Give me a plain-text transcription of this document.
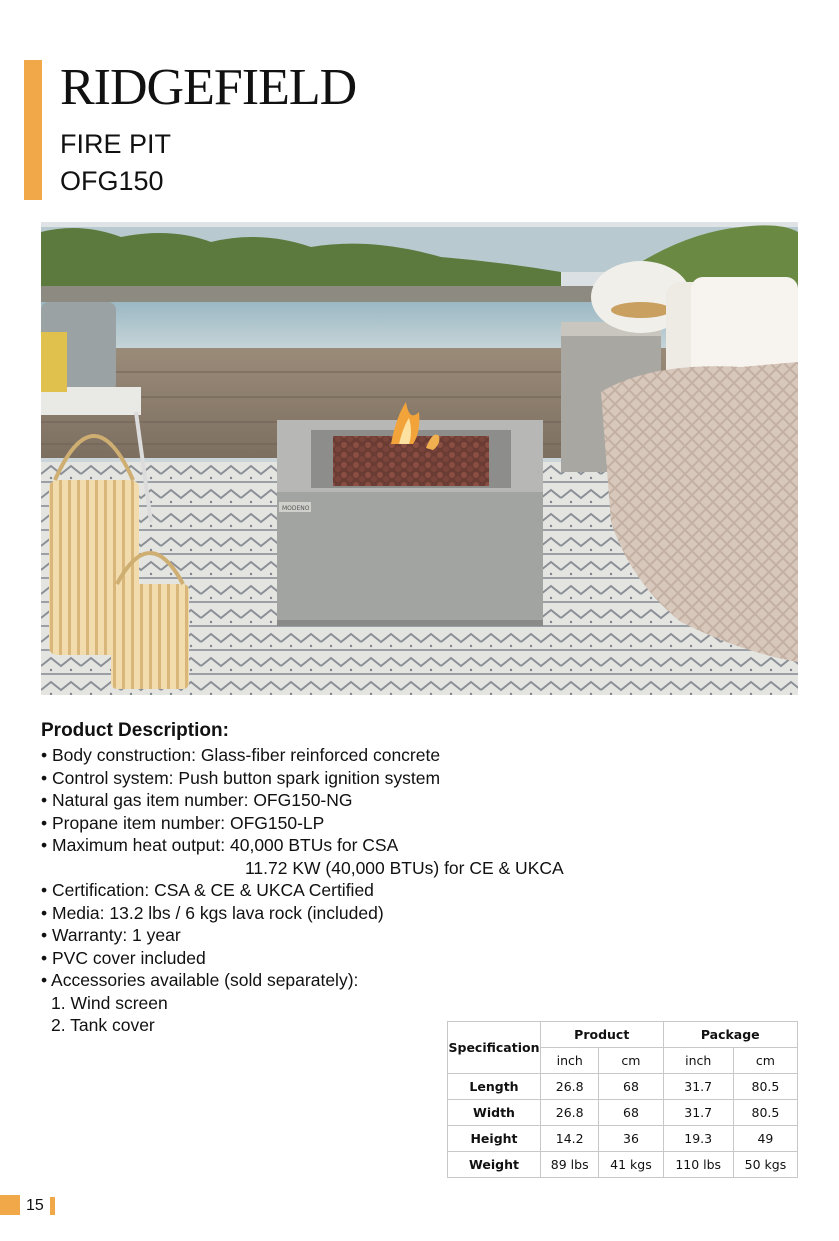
RIDGEFIELD
FIRE PIT
OFG150
MODENO
Product Description:
• Body construction: Glass-fiber reinforced concrete
• Control system: Push button spark ignition system
• Natural gas item number: OFG150-NG
• Propane item number: OFG150-LP
• Maximum heat output: 40,000 BTUs for CSA
11.72 KW (40,000 BTUs) for CE & UKCA
• Certification: CSA & CE & UKCA Certified
• Media: 13.2 lbs / 6 kgs lava rock (included)
• Warranty: 1 year
• PVC cover included
• Accessories available (sold separately):
1. Wind screen
2. Tank cover
Specification	Product		Package	
	inch	cm	inch	cm
Length	26.8	68	31.7	80.5
Width	26.8	68	31.7	80.5
Height	14.2	36	19.3	49
Weight	89 lbs	41 kgs	110 lbs	50 kgs
15
